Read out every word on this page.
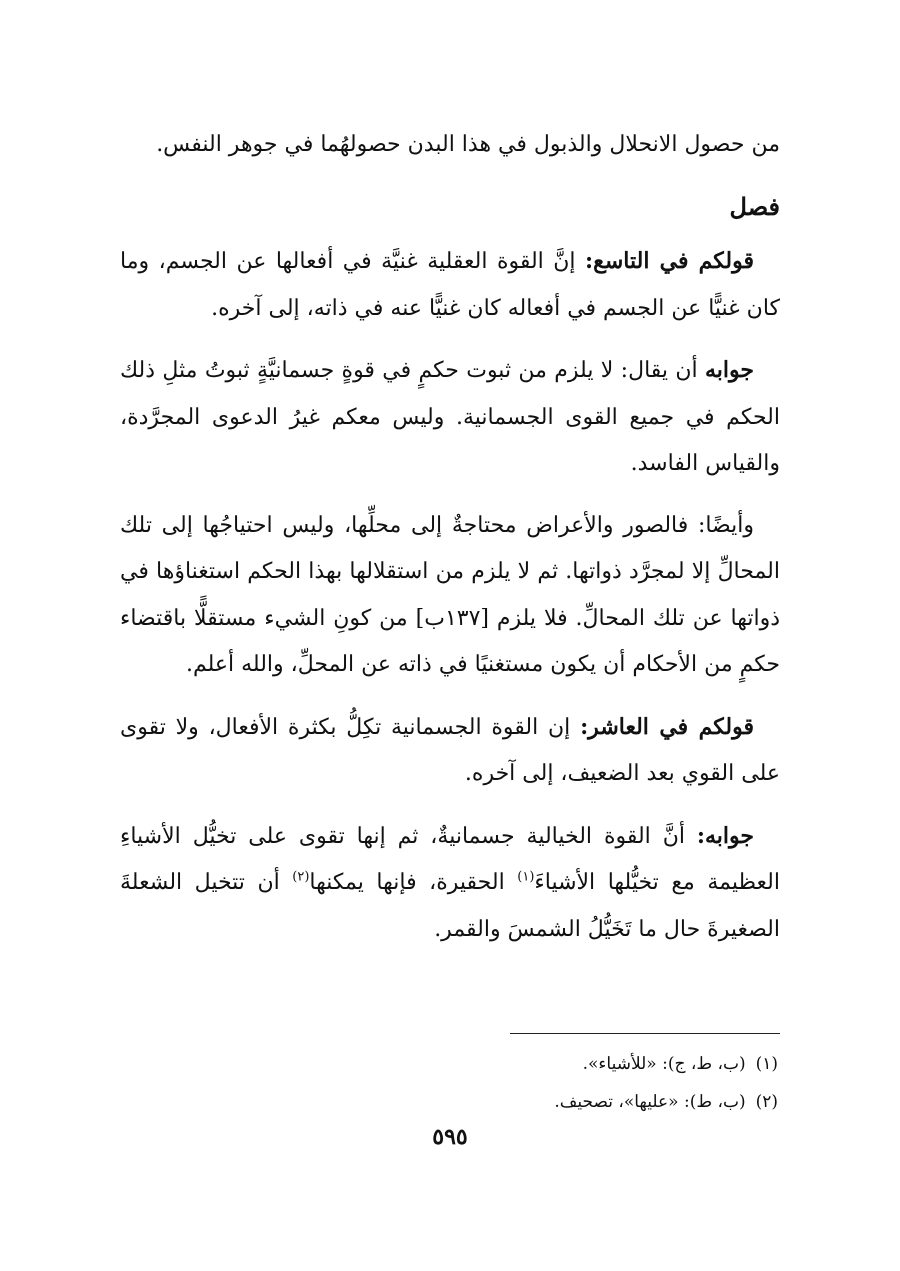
من حصول الانحلال والذبول في هذا البدن حصولهُما في جوهر النفس.

فصل

قولكم في التاسع: إنَّ القوة العقلية غنيَّة في أفعالها عن الجسم، وما كان غنيًّا عن الجسم في أفعاله كان غنيًّا عنه في ذاته، إلى آخره.

جوابه أن يقال: لا يلزم من ثبوت حكمٍ في قوةٍ جسمانيَّةٍ ثبوتُ مثلِ ذلك الحكم في جميع القوى الجسمانية. وليس معكم غيرُ الدعوى المجرَّدة، والقياس الفاسد.

وأيضًا: فالصور والأعراض محتاجةٌ إلى محلِّها، وليس احتياجُها إلى تلك المحالِّ إلا لمجرَّد ذواتها. ثم لا يلزم من استقلالها بهذا الحكم استغناؤها في ذواتها عن تلك المحالِّ. فلا يلزم [١٣٧ب] من كونِ الشيء مستقلًّا باقتضاء حكمٍ من الأحكام أن يكون مستغنيًا في ذاته عن المحلِّ، والله أعلم.

قولكم في العاشر: إن القوة الجسمانية تكِلُّ بكثرة الأفعال، ولا تقوى على القوي بعد الضعيف، إلى آخره.

جوابه: أنَّ القوة الخيالية جسمانيةٌ، ثم إنها تقوى على تخيُّل الأشياءِ العظيمة مع تخيُّلها الأشياءَ$^{(١)}$ الحقيرة، فإنها يمكنها$^{(٢)}$ أن تتخيل الشعلةَ الصغيرةَ حال ما تَخَيُّلُ الشمسَ والقمر.

(١)(ب، ط، ج): «للأشياء».

(٢)(ب، ط): «عليها»، تصحيف.

٥٩٥
